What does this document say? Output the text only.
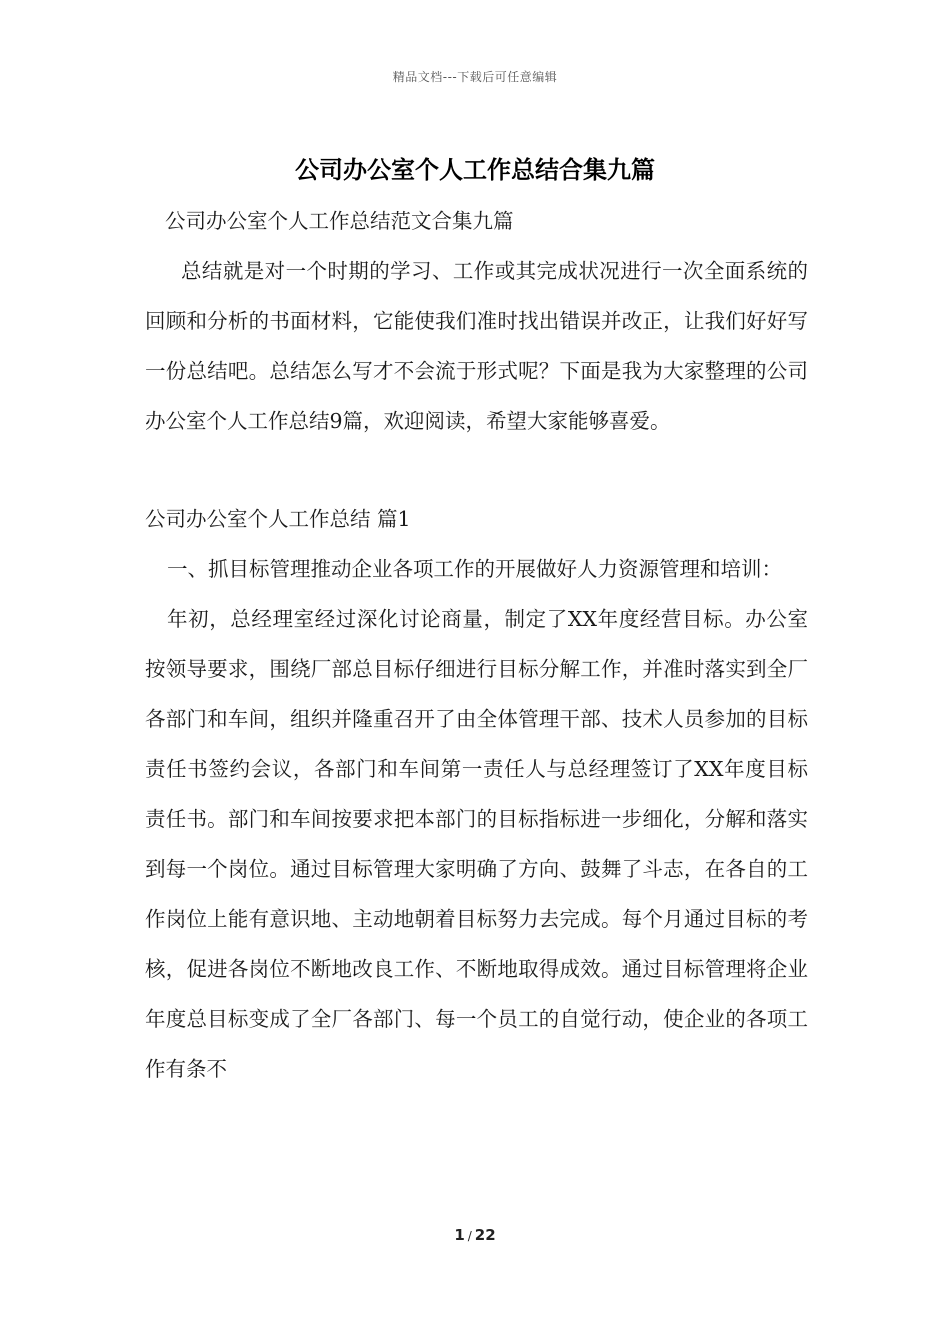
精品文档---下载后可任意编辑
公司办公室个人工作总结合集九篇

公司办公室个人工作总结范文合集九篇

总结就是对一个时期的学习、工作或其完成状况进行一次全面系统的回顾和分析的书面材料，它能使我们准时找出错误并改正，让我们好好写一份总结吧。总结怎么写才不会流于形式呢？下面是我为大家整理的公司办公室个人工作总结9篇，欢迎阅读，希望大家能够喜爱。

公司办公室个人工作总结 篇1

一、抓目标管理推动企业各项工作的开展做好人力资源管理和培训：

年初，总经理室经过深化讨论商量，制定了XX年度经营目标。办公室按领导要求，围绕厂部总目标仔细进行目标分解工作，并准时落实到全厂各部门和车间，组织并隆重召开了由全体管理干部、技术人员参加的目标责任书签约会议，各部门和车间第一责任人与总经理签订了XX年度目标责任书。部门和车间按要求把本部门的目标指标进一步细化，分解和落实到每一个岗位。通过目标管理大家明确了方向、鼓舞了斗志，在各自的工作岗位上能有意识地、主动地朝着目标努力去完成。每个月通过目标的考核，促进各岗位不断地改良工作、不断地取得成效。通过目标管理将企业年度总目标变成了全厂各部门、每一个员工的自觉行动，使企业的各项工作有条不

1 / 22
